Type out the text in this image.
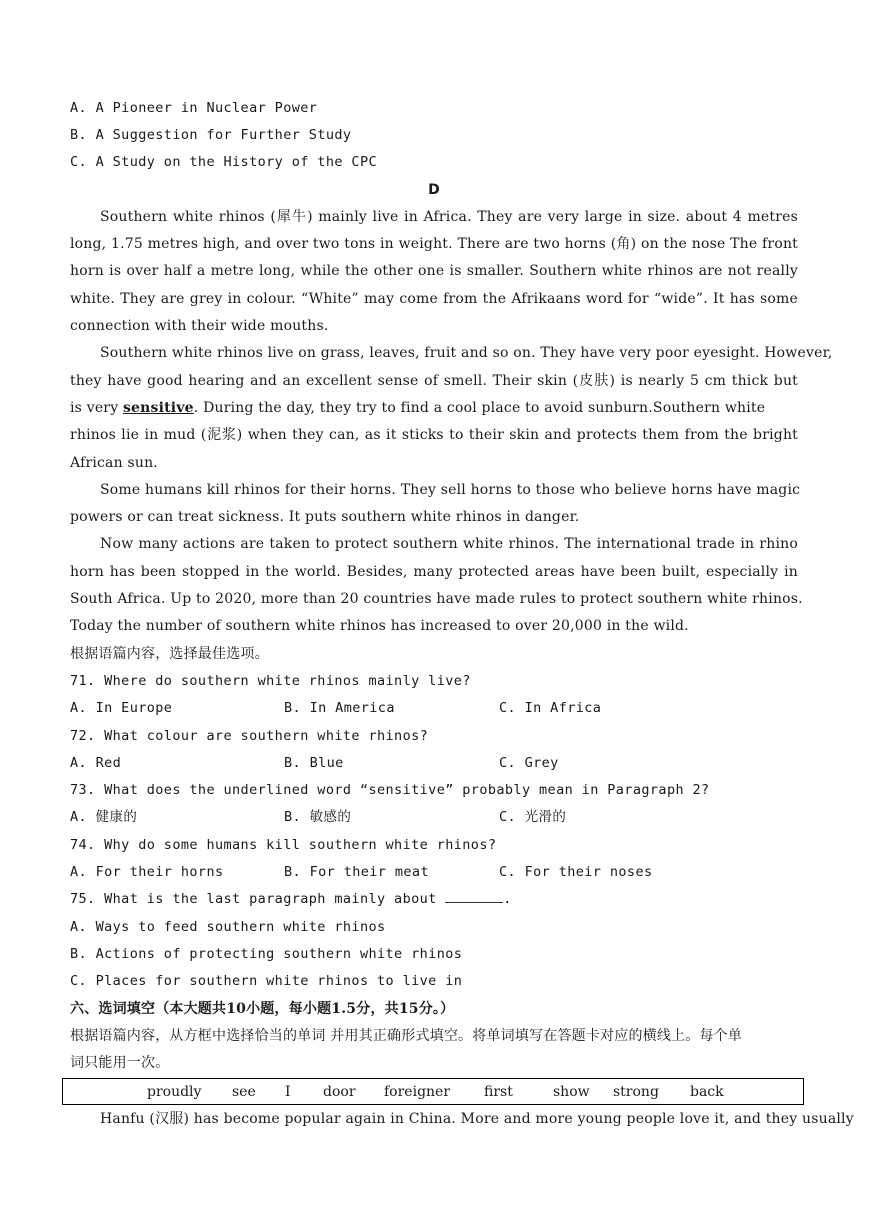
A. A Pioneer in Nuclear Power
B. A Suggestion for Further Study
C. A Study on the History of the CPC
D
Southern white rhinos (犀牛) mainly live in Africa. They are very large in size. about 4 metres
long, 1.75 metres high, and over two tons in weight. There are two horns (角) on the nose The front
horn is over half a metre long, while the other one is smaller. Southern white rhinos are not really
white. They are grey in colour. “White” may come from the Afrikaans word for “wide”. It has some
connection with their wide mouths.
Southern white rhinos live on grass, leaves, fruit and so on. They have very poor eyesight. However,
they have good hearing and an excellent sense of smell. Their skin (皮肤) is nearly 5 cm thick but
is very sensitive. During the day, they try to find a cool place to avoid sunburn.Southern white
rhinos lie in mud (泥浆) when they can, as it sticks to their skin and protects them from the bright
African sun.
Some humans kill rhinos for their horns. They sell horns to those who believe horns have magic
powers or can treat sickness. It puts southern white rhinos in danger.
Now many actions are taken to protect southern white rhinos. The international trade in rhino
horn has been stopped in the world. Besides, many protected areas have been built, especially in
South Africa. Up to 2020, more than 20 countries have made rules to protect southern white rhinos.
Today the number of southern white rhinos has increased to over 20,000 in the wild.
根据语篇内容，选择最佳选项。
71. Where do southern white rhinos mainly live?
A. In Europe	B. In America	C. In Africa
72. What colour are southern white rhinos?
A. Red	B. Blue	C. Grey
73. What does the underlined word “sensitive” probably mean in Paragraph 2?
A. 健康的	B. 敏感的	C. 光滑的
74. Why do some humans kill southern white rhinos?
A. For their horns	B. For their meat	C. For their noses
75. What is the last paragraph mainly about	.
A. Ways to feed southern white rhinos
B. Actions of protecting southern white rhinos
C. Places for southern white rhinos to live in
六、选词填空（本大题共10小题，每小题1.5分，共15分。）
根据语篇内容，从方框中选择恰当的单词 并用其正确形式填空。将单词填写在答题卡对应的横线上。每个单
词只能用一次。
proudly see I door foreigner first	show strong back
Hanfu (汉服) has become popular again in China. More and more young people love it, and they usually
